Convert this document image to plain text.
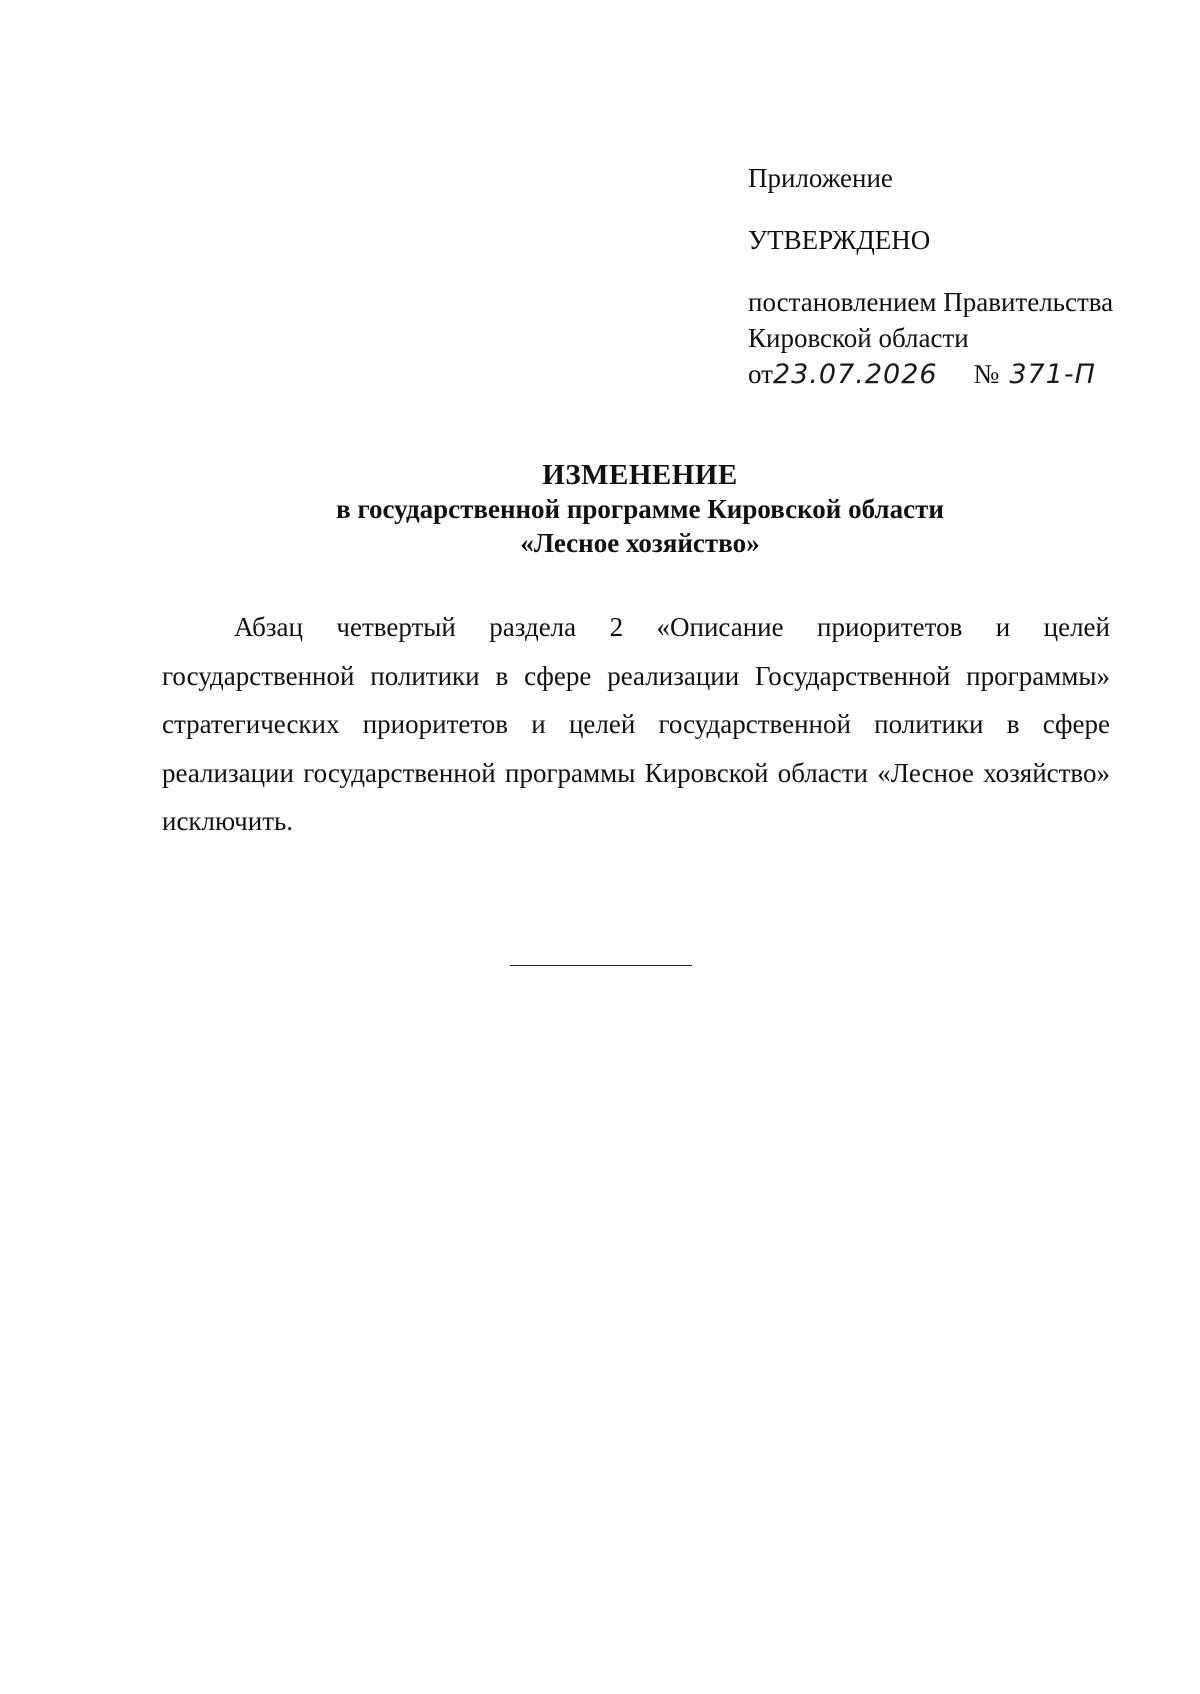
Приложение
УТВЕРЖДЕНО
постановлением Правительства
Кировской области
от 23.07.2026 № 371-П
ИЗМЕНЕНИЕ
в государственной программе Кировской области
«Лесное хозяйство»

Абзац четвертый раздела 2 «Описание приоритетов и целей государственной политики в сфере реализации Государственной программы» стратегических приоритетов и целей государственной политики в сфере реализации государственной программы Кировской области «Лесное хозяйство» исключить.
